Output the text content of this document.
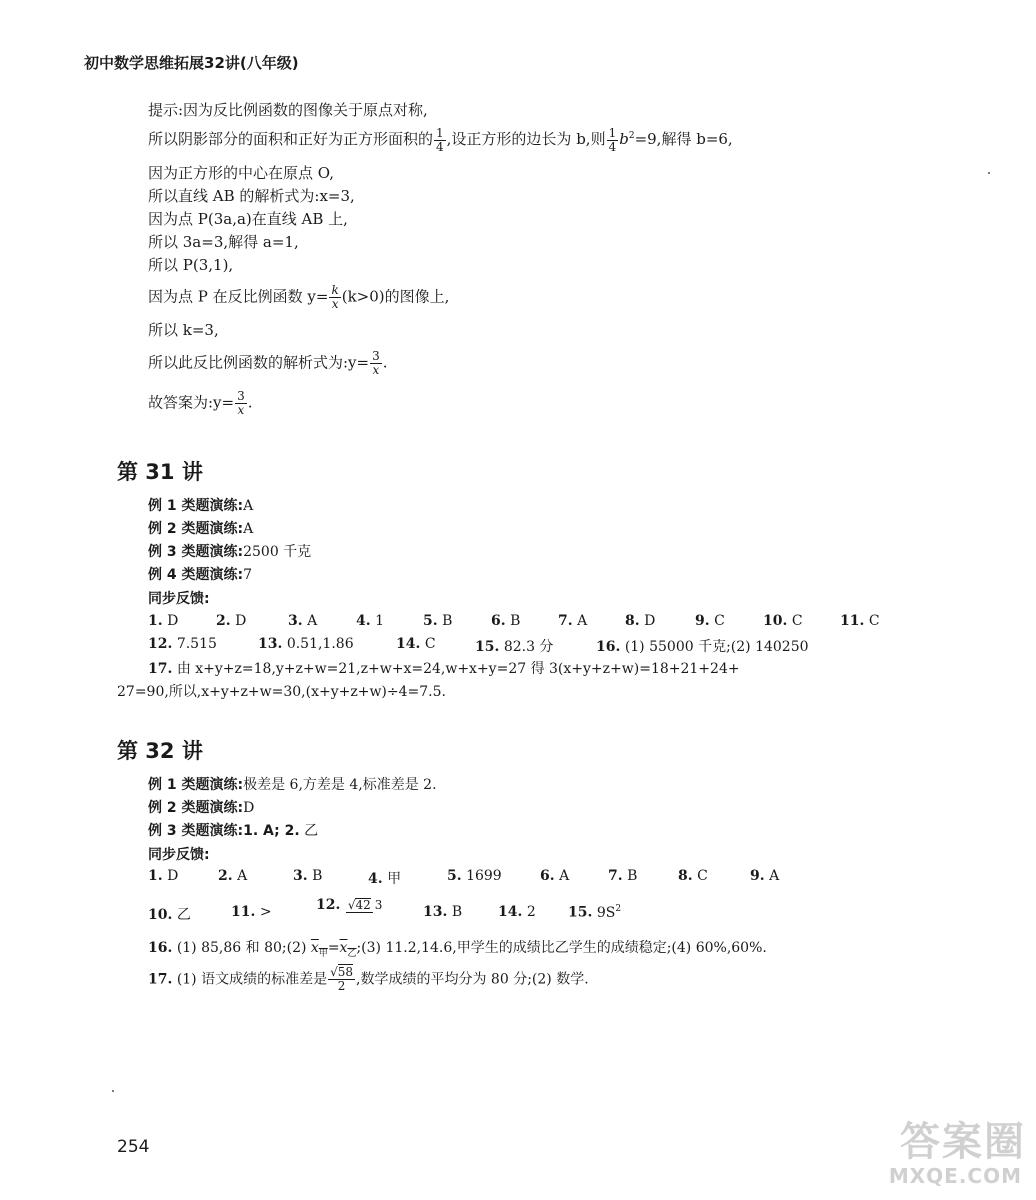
初中数学思维拓展32讲(八年级)
提示:因为反比例函数的图像关于原点对称,
所以阴影部分的面积和正好为正方形面积的 $\frac{1}{4}$ ,设正方形的边长为 b,则 $\frac{1}{4} b^2=9$,解得 b=6,
因为正方形的中心在原点 O,
所以直线 AB 的解析式为:x=3,
因为点 P(3a,a)在直线 AB 上,
所以 3a=3,解得 a=1,
所以 P(3,1),
因为点 P 在反比例函数 $y= \frac{k}{x} (k>0)$的图像上,
所以 k=3,
所以此反比例函数的解析式为:y= $\frac{3}{x}$ .
故答案为:y= $\frac{3}{x}$ .
第 31 讲
例 1 类题演练:A
例 2 类题演练:A
例 3 类题演练:2500 千克
例 4 类题演练:7
同步反馈:
1. D	2. D	3. A	4. 1	5. B	6. B	7. A	8. D	9. C	10. C	11. C
12. 7.515	13. 0.51,1.86	14. C	15. 82.3 分	16. (1) 55000 千克;(2) 140250
17. 由 x+y+z=18,y+z+w=21,z+w+x=24,w+x+y=27 得 3(x+y+z+w)=18+21+24+
27=90,所以,x+y+z+w=30,(x+y+z+w)÷4=7.5.
第 32 讲
例 1 类题演练:极差是 6,方差是 4,标准差是 2.
例 2 类题演练:D
例 3 类题演练:1. A; 2. 乙
同步反馈:
1. D	2. A	3. B	4. 甲	5. 1699	6. A	7. B	8. C	9. A
10. 乙	11. >	12. √42 3	13. B	14. 2 15. $9S^2$
16. (1) 85,86 和 80;(2) $x_甲=x_乙;(3)$ 11.2,14.6,甲学生的成绩比乙学生的成绩稳定;(4) 60%,60%.
17. (1) 语文成绩的标准差是 $\frac{√58}{2}$ ,数学成绩的平均分为 80 分;(2) 数学.
254	答案圈
MXQE.COM
